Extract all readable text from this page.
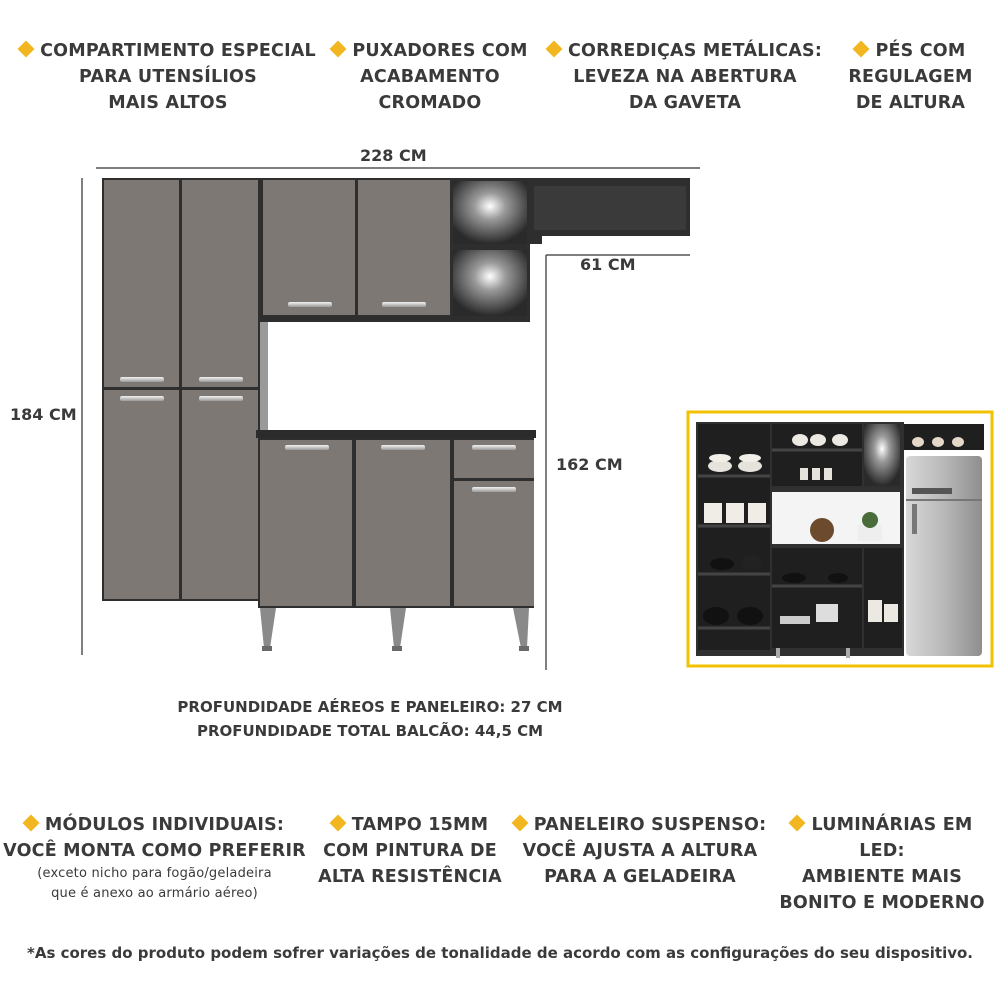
COMPARTIMENTO ESPECIAL
PARA UTENSÍLIOS
MAIS ALTOS
PUXADORES COM
ACABAMENTO
CROMADO
CORREDIÇAS METÁLICAS:
LEVEZA NA ABERTURA
DA GAVETA
PÉS COM
REGULAGEM
DE ALTURA
228 CM
184 CM
162 CM
61 CM
PROFUNDIDADE AÉREOS E PANELEIRO: 27 CM
PROFUNDIDADE TOTAL BALCÃO: 44,5 CM
MÓDULOS INDIVIDUAIS:
VOCÊ MONTA COMO PREFERIR
(exceto nicho para fogão/geladeira
que é anexo ao armário aéreo)
TAMPO 15MM
COM PINTURA DE
ALTA RESISTÊNCIA
PANELEIRO SUSPENSO:
VOCÊ AJUSTA A ALTURA
PARA A GELADEIRA
LUMINÁRIAS EM LED:
AMBIENTE MAIS
BONITO E MODERNO
*As cores do produto podem sofrer variações de tonalidade de acordo com as configurações do seu dispositivo.
